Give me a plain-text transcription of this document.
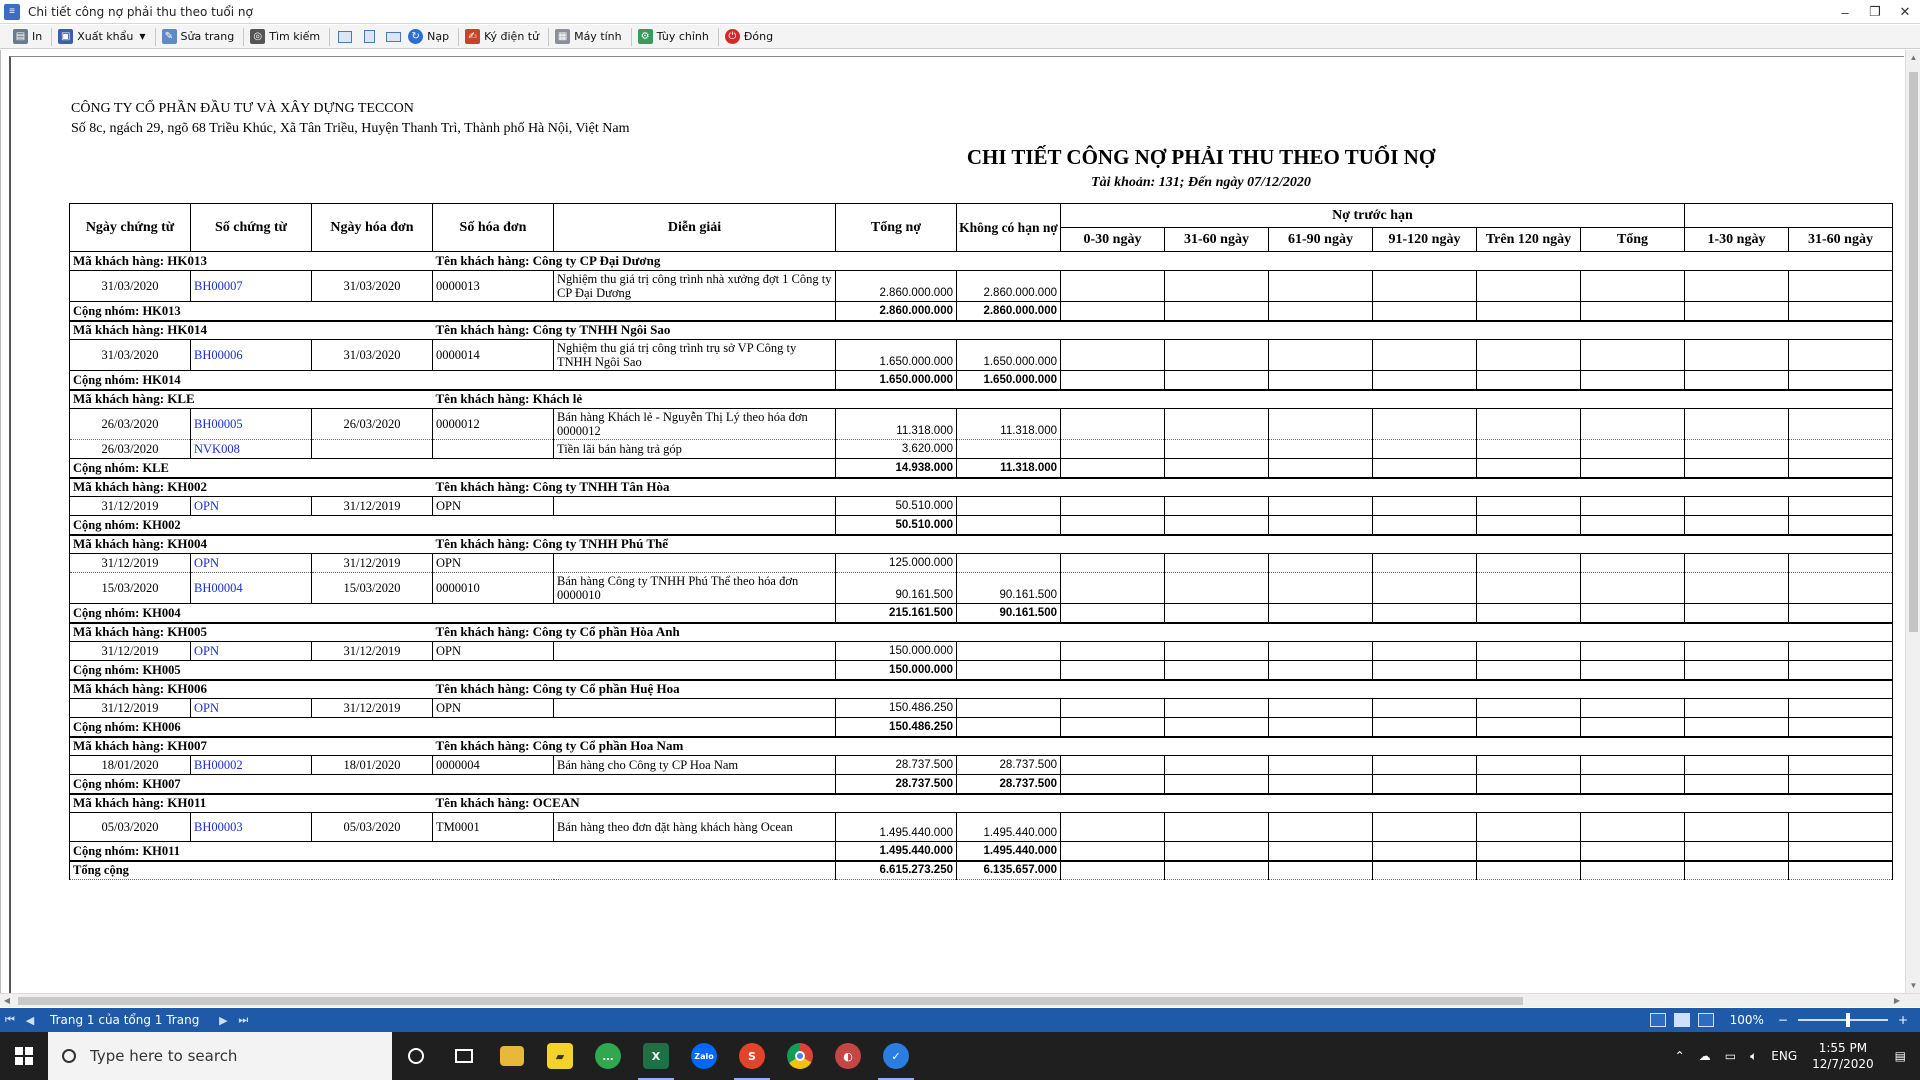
≡	Chi tiết công nợ phải thu theo tuổi nợ	–	❐	✕
▤ In ▣ Xuất khẩu ▼	✎ Sửa trang	◎ Tìm kiếm	↻ Nạp	✍ Ký điện tử ▦ Máy tính	⚙ Tùy chỉnh	⏻ Đóng
CÔNG TY CỔ PHẦN ĐẦU TƯ VÀ XÂY DỰNG TECCON
Số 8c, ngách 29, ngõ 68 Triều Khúc, Xã Tân Triều, Huyện Thanh Trì, Thành phố Hà Nội, Việt Nam
CHI TIẾT CÔNG NỢ PHẢI THU THEO TUỔI NỢ
Tài khoản: 131; Đến ngày 07/12/2020
Ngày chứng từ	Số chứng từ	Ngày hóa đơn	Số hóa đơn	Diễn giải	Tổng nợ	Không có hạn nợ	Nợ trước hạn							
							0-30 ngày	31-60 ngày	61-90 ngày	91-120 ngày	Trên 120 ngày	Tổng	1-30 ngày	31-60 ngày
Mã khách hàng: HK013			Tên khách hàng: Công ty CP Đại Dương											
31/03/2020	BH00007	31/03/2020	0000013	Nghiệm thu giá trị công trình nhà xưởng đợt 1 Công ty CP Đại Dương	2.860.000.000	2.860.000.000								
Cộng nhóm: HK013					2.860.000.000	2.860.000.000								
Mã khách hàng: HK014			Tên khách hàng: Công ty TNHH Ngôi Sao											
31/03/2020	BH00006	31/03/2020	0000014	Nghiệm thu giá trị công trình trụ sở VP Công ty TNHH Ngôi Sao	1.650.000.000	1.650.000.000								
Cộng nhóm: HK014					1.650.000.000	1.650.000.000								
Mã khách hàng: KLE			Tên khách hàng: Khách lẻ											
26/03/2020	BH00005	26/03/2020	0000012	Bán hàng Khách lẻ - Nguyễn Thị Lý theo hóa đơn 0000012	11.318.000	11.318.000								
26/03/2020	NVK008			Tiền lãi bán hàng trả góp	3.620.000									
Cộng nhóm: KLE					14.938.000	11.318.000								
Mã khách hàng: KH002			Tên khách hàng: Công ty TNHH Tân Hòa											
31/12/2019	OPN	31/12/2019	OPN		50.510.000									
Cộng nhóm: KH002					50.510.000									
Mã khách hàng: KH004			Tên khách hàng: Công ty TNHH Phú Thể											
31/12/2019	OPN	31/12/2019	OPN		125.000.000									
15/03/2020	BH00004	15/03/2020	0000010	Bán hàng Công ty TNHH Phú Thể theo hóa đơn 0000010	90.161.500	90.161.500								
Cộng nhóm: KH004					215.161.500	90.161.500								
Mã khách hàng: KH005			Tên khách hàng: Công ty Cổ phần Hòa Anh											
31/12/2019	OPN	31/12/2019	OPN		150.000.000									
Cộng nhóm: KH005					150.000.000									
Mã khách hàng: KH006			Tên khách hàng: Công ty Cổ phần Huệ Hoa											
31/12/2019	OPN	31/12/2019	OPN		150.486.250									
Cộng nhóm: KH006					150.486.250									
Mã khách hàng: KH007			Tên khách hàng: Công ty Cổ phần Hoa Nam											
18/01/2020	BH00002	18/01/2020	0000004	Bán hàng cho Công ty CP Hoa Nam	28.737.500	28.737.500								
Cộng nhóm: KH007					28.737.500	28.737.500								
Mã khách hàng: KH011			Tên khách hàng: OCEAN											
05/03/2020	BH00003	05/03/2020	TM0001	Bán hàng theo đơn đặt hàng khách hàng Ocean	1.495.440.000	1.495.440.000								
Cộng nhóm: KH011					1.495.440.000	1.495.440.000								
Tổng cộng					6.615.273.250	6.135.657.000								
▲
▼
◀	▶
⏮ ◀	Trang 1 của tổng 1 Trang	▶ ⏭	100% −	+
Type here to search	▰	…	X	Zalo	S	◐	✓	⌃ ☁ ▭ 🔈︎ ENG
1:55 PM
12/7/2020
▤
